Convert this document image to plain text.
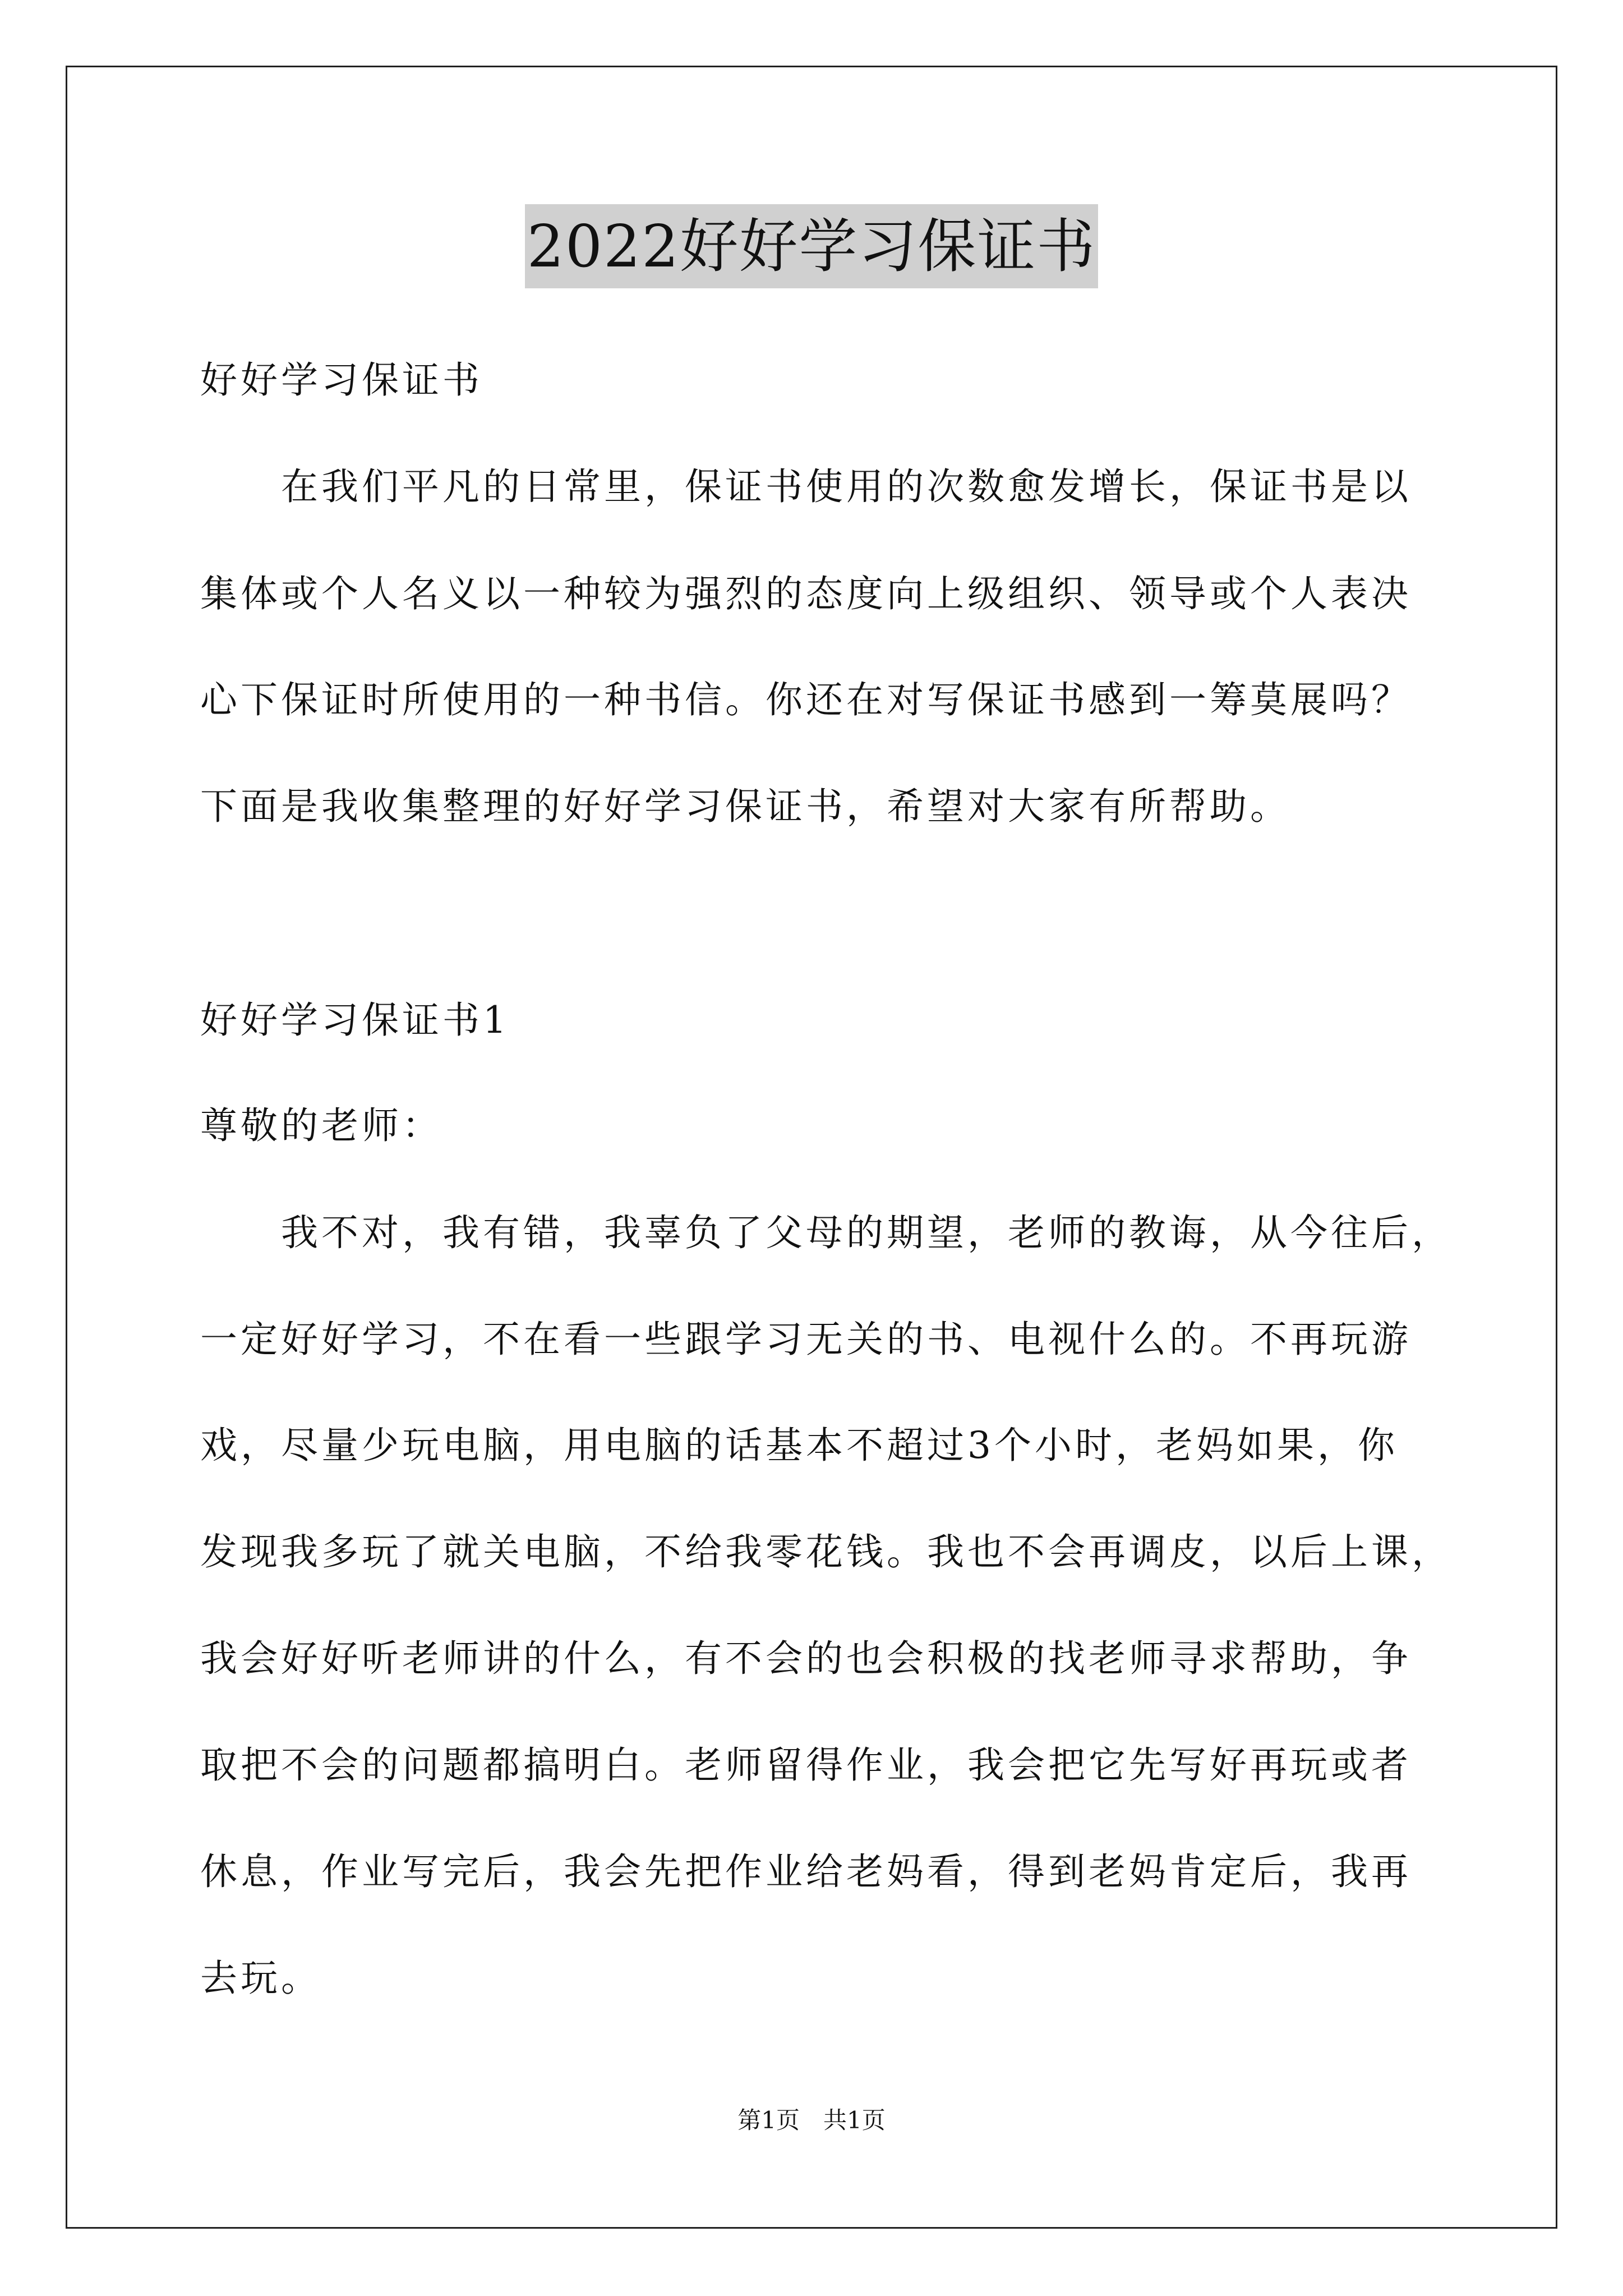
2022好好学习保证书
好好学习保证书
　　在我们平凡的日常里，保证书使用的次数愈发增长，保证书是以
集体或个人名义以一种较为强烈的态度向上级组织、领导或个人表决
心下保证时所使用的一种书信。你还在对写保证书感到一筹莫展吗？
下面是我收集整理的好好学习保证书，希望对大家有所帮助。
好好学习保证书1
尊敬的老师：
　　我不对，我有错，我辜负了父母的期望，老师的教诲，从今往后，
一定好好学习，不在看一些跟学习无关的书、电视什么的。不再玩游
戏，尽量少玩电脑，用电脑的话基本不超过3个小时，老妈如果，你
发现我多玩了就关电脑，不给我零花钱。我也不会再调皮，以后上课，
我会好好听老师讲的什么，有不会的也会积极的找老师寻求帮助，争
取把不会的问题都搞明白。老师留得作业，我会把它先写好再玩或者
休息，作业写完后，我会先把作业给老妈看，得到老妈肯定后，我再
去玩。
第1页　共1页
